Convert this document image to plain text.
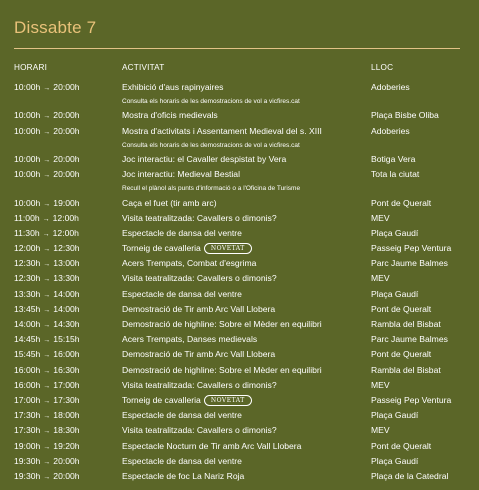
Dissabte 7
HORARI	ACTIVITAT	LLOC
10:00h → 20:00h	Exhibició d'aus rapinyaires	Adoberies
Consulta els horaris de les demostracions de vol a vicfires.cat
10:00h → 20:00h	Mostra d'oficis medievals	Plaça Bisbe Oliba
10:00h → 20:00h	Mostra d'activitats i Assentament Medieval del s. XIII	Adoberies
Consulta els horaris de les demostracions de vol a vicfires.cat
10:00h → 20:00h	Joc interactiu: el Cavaller despistat by Vera	Botiga Vera
10:00h → 20:00h	Joc interactiu: Medieval Bestial	Tota la ciutat
Recull el plànol als punts d'informació o a l'Oficina de Turisme
10:00h → 19:00h	Caça el fuet (tir amb arc)	Pont de Queralt
11:00h → 12:00h	Visita teatralitzada: Cavallers o dimonis?	MEV
11:30h → 12:00h	Espectacle de dansa del ventre	Plaça Gaudí
12:00h → 12:30h	Torneig de cavalleria NOVETAT	Passeig Pep Ventura
12:30h → 13:00h	Acers Trempats, Combat d'esgrima	Parc Jaume Balmes
12:30h → 13:30h	Visita teatralitzada: Cavallers o dimonis?	MEV
13:30h → 14:00h	Espectacle de dansa del ventre	Plaça Gaudí
13:45h → 14:00h	Demostració de Tir amb Arc Vall Llobera	Pont de Queralt
14:00h → 14:30h	Demostració de highline: Sobre el Mèder en equilibri	Rambla del Bisbat
14:45h → 15:15h	Acers Trempats, Danses medievals	Parc Jaume Balmes
15:45h → 16:00h	Demostració de Tir amb Arc Vall Llobera	Pont de Queralt
16:00h → 16:30h	Demostració de highline: Sobre el Mèder en equilibri	Rambla del Bisbat
16:00h → 17:00h	Visita teatralitzada: Cavallers o dimonis?	MEV
17:00h → 17:30h	Torneig de cavalleria NOVETAT	Passeig Pep Ventura
17:30h → 18:00h	Espectacle de dansa del ventre	Plaça Gaudí
17:30h → 18:30h	Visita teatralitzada: Cavallers o dimonis?	MEV
19:00h → 19:20h	Espectacle Nocturn de Tir amb Arc Vall Llobera	Pont de Queralt
19:30h → 20:00h	Espectacle de dansa del ventre	Plaça Gaudí
19:30h → 20:00h	Espectacle de foc La Nariz Roja	Plaça de la Catedral
